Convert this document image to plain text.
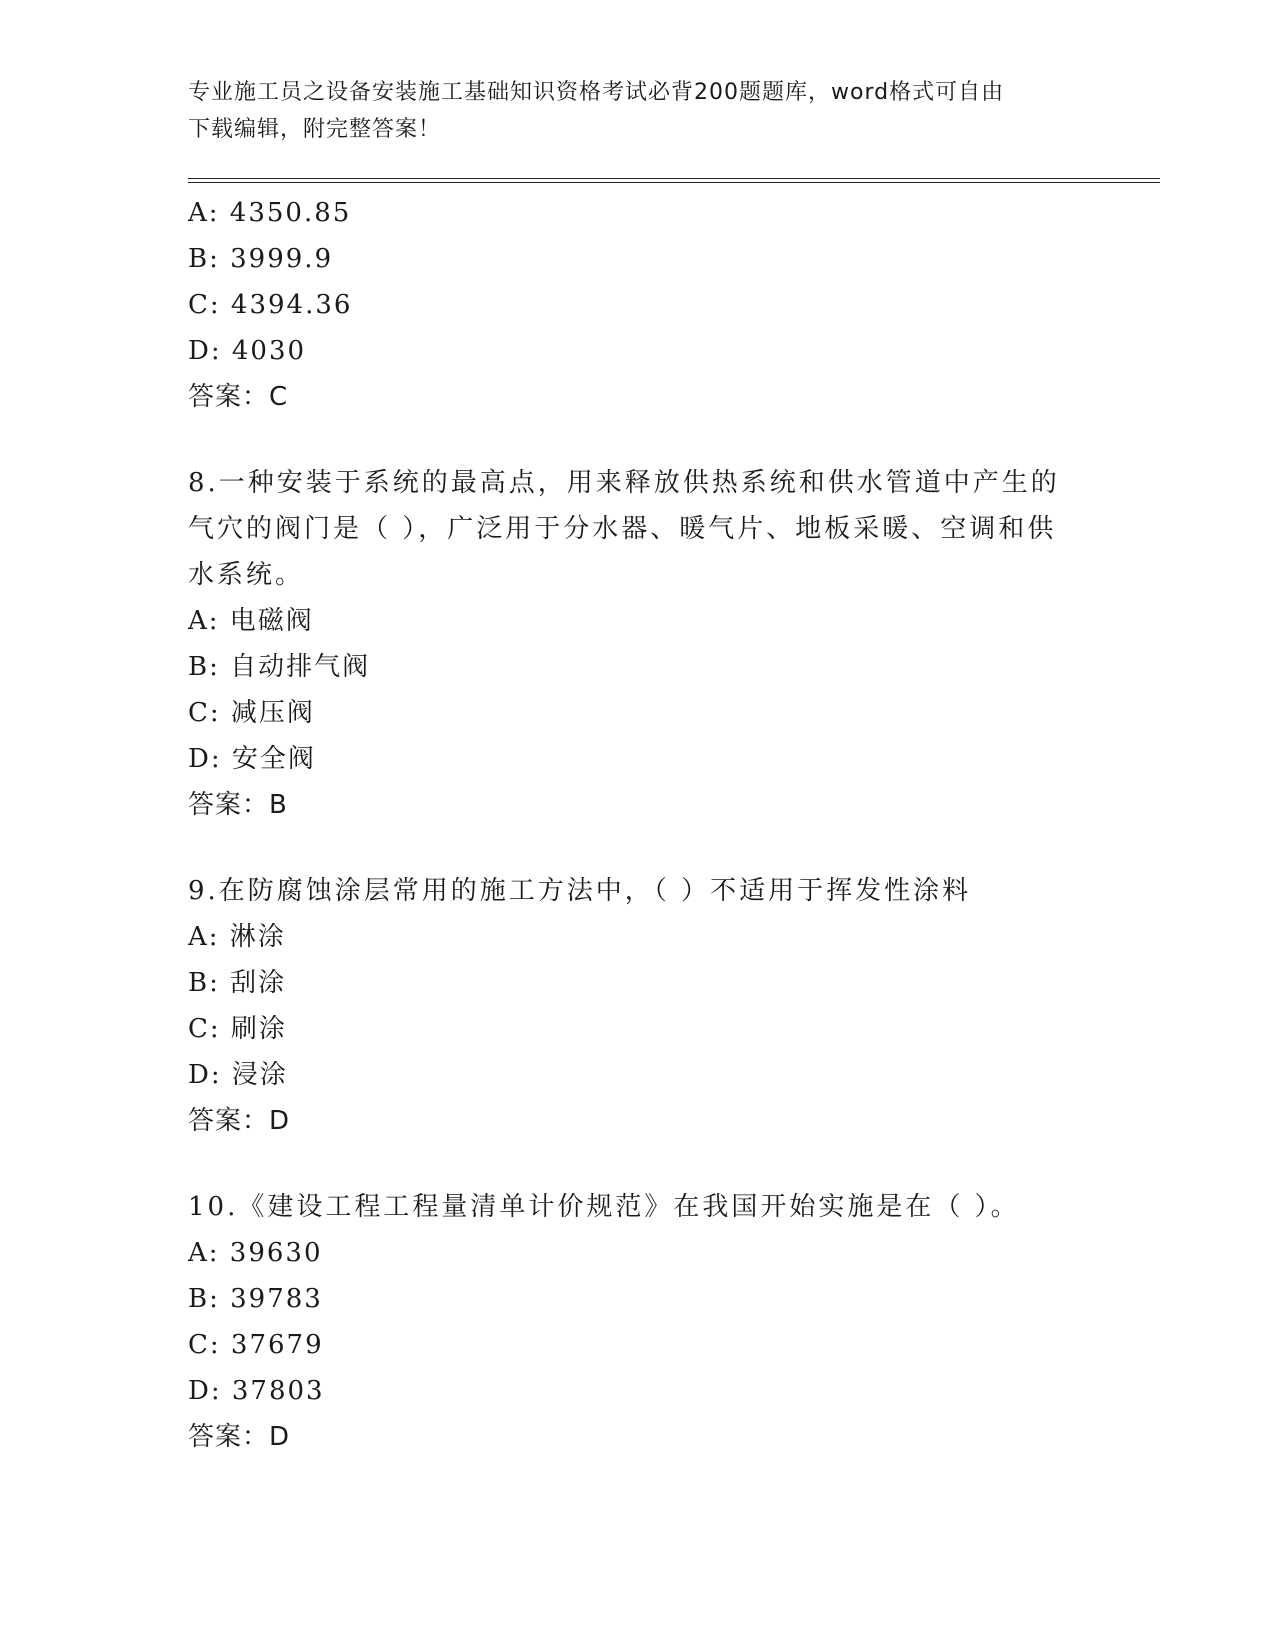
专业施工员之设备安装施工基础知识资格考试必背200题题库，word格式可自由
下载编辑，附完整答案！
A: 4350.85
B: 3999.9
C: 4394.36
D: 4030
答案：C
8.一种安装于系统的最高点，用来释放供热系统和供水管道中产生的
气穴的阀门是（ ），广泛用于分水器、暖气片、地板采暖、空调和供
水系统。
A: 电磁阀
B: 自动排气阀
C: 减压阀
D: 安全阀
答案：B
9.在防腐蚀涂层常用的施工方法中，（ ）不适用于挥发性涂料
A: 淋涂
B: 刮涂
C: 刷涂
D: 浸涂
答案：D
10.《建设工程工程量清单计价规范》在我国开始实施是在（ ）。
A: 39630
B: 39783
C: 37679
D: 37803
答案：D
